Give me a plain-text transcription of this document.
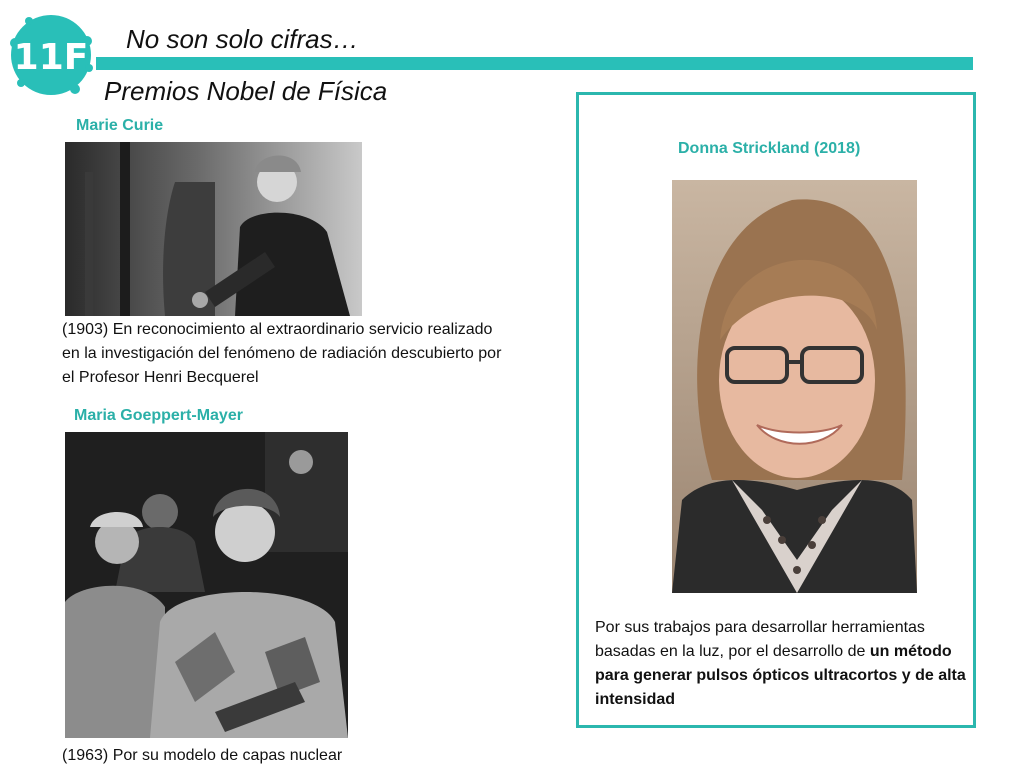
11F No son solo cifras…
Premios Nobel de Física

Marie Curie

(1903) En reconocimiento al extraordinario servicio realizado en la investigación del fenómeno de radiación descubierto por el Profesor Henri Becquerel

Maria Goeppert-Mayer

(1963) Por su modelo de capas nuclear

Donna Strickland (2018)

Por sus trabajos para desarrollar herramientas basadas en la luz, por el desarrollo de un método para generar pulsos ópticos ultracortos y de alta intensidad
